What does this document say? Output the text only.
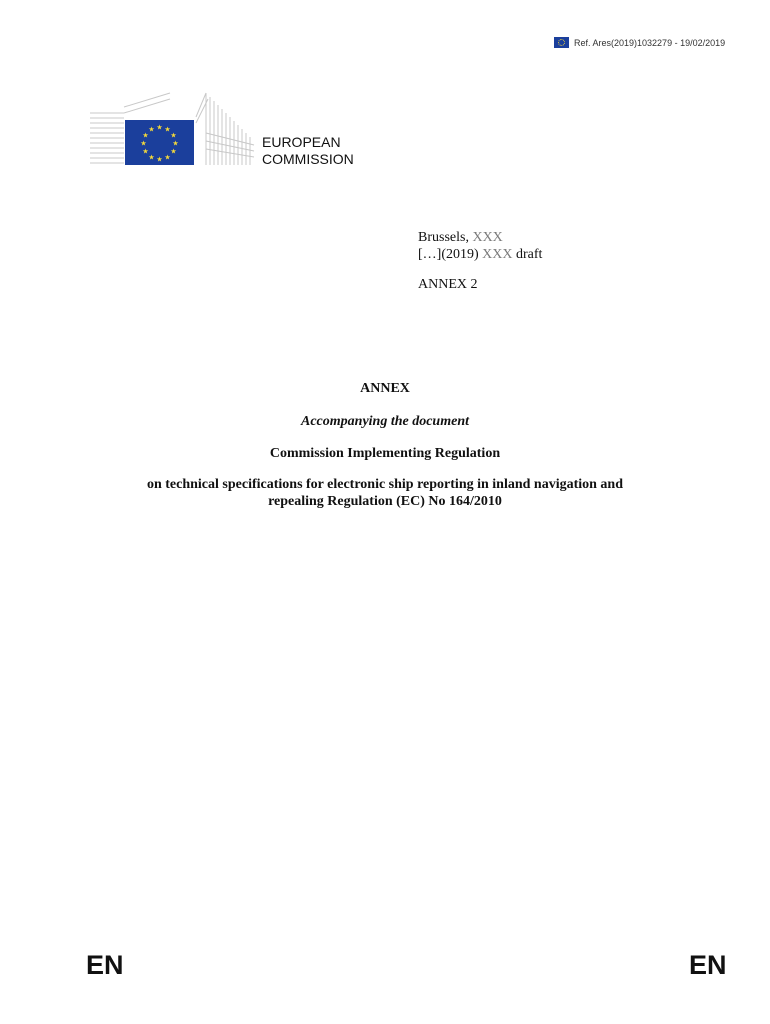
Ref. Ares(2019)1032279 - 19/02/2019
★ ★
★
★
★
★
★
★
★
★
★
★
EUROPEAN
COMMISSION
Brussels, XXX
[…](2019) XXX draft
ANNEX 2
ANNEX
Accompanying the document
Commission Implementing Regulation
on technical specifications for electronic ship reporting in inland navigation and
repealing Regulation (EC) No 164/2010
EN	EN
